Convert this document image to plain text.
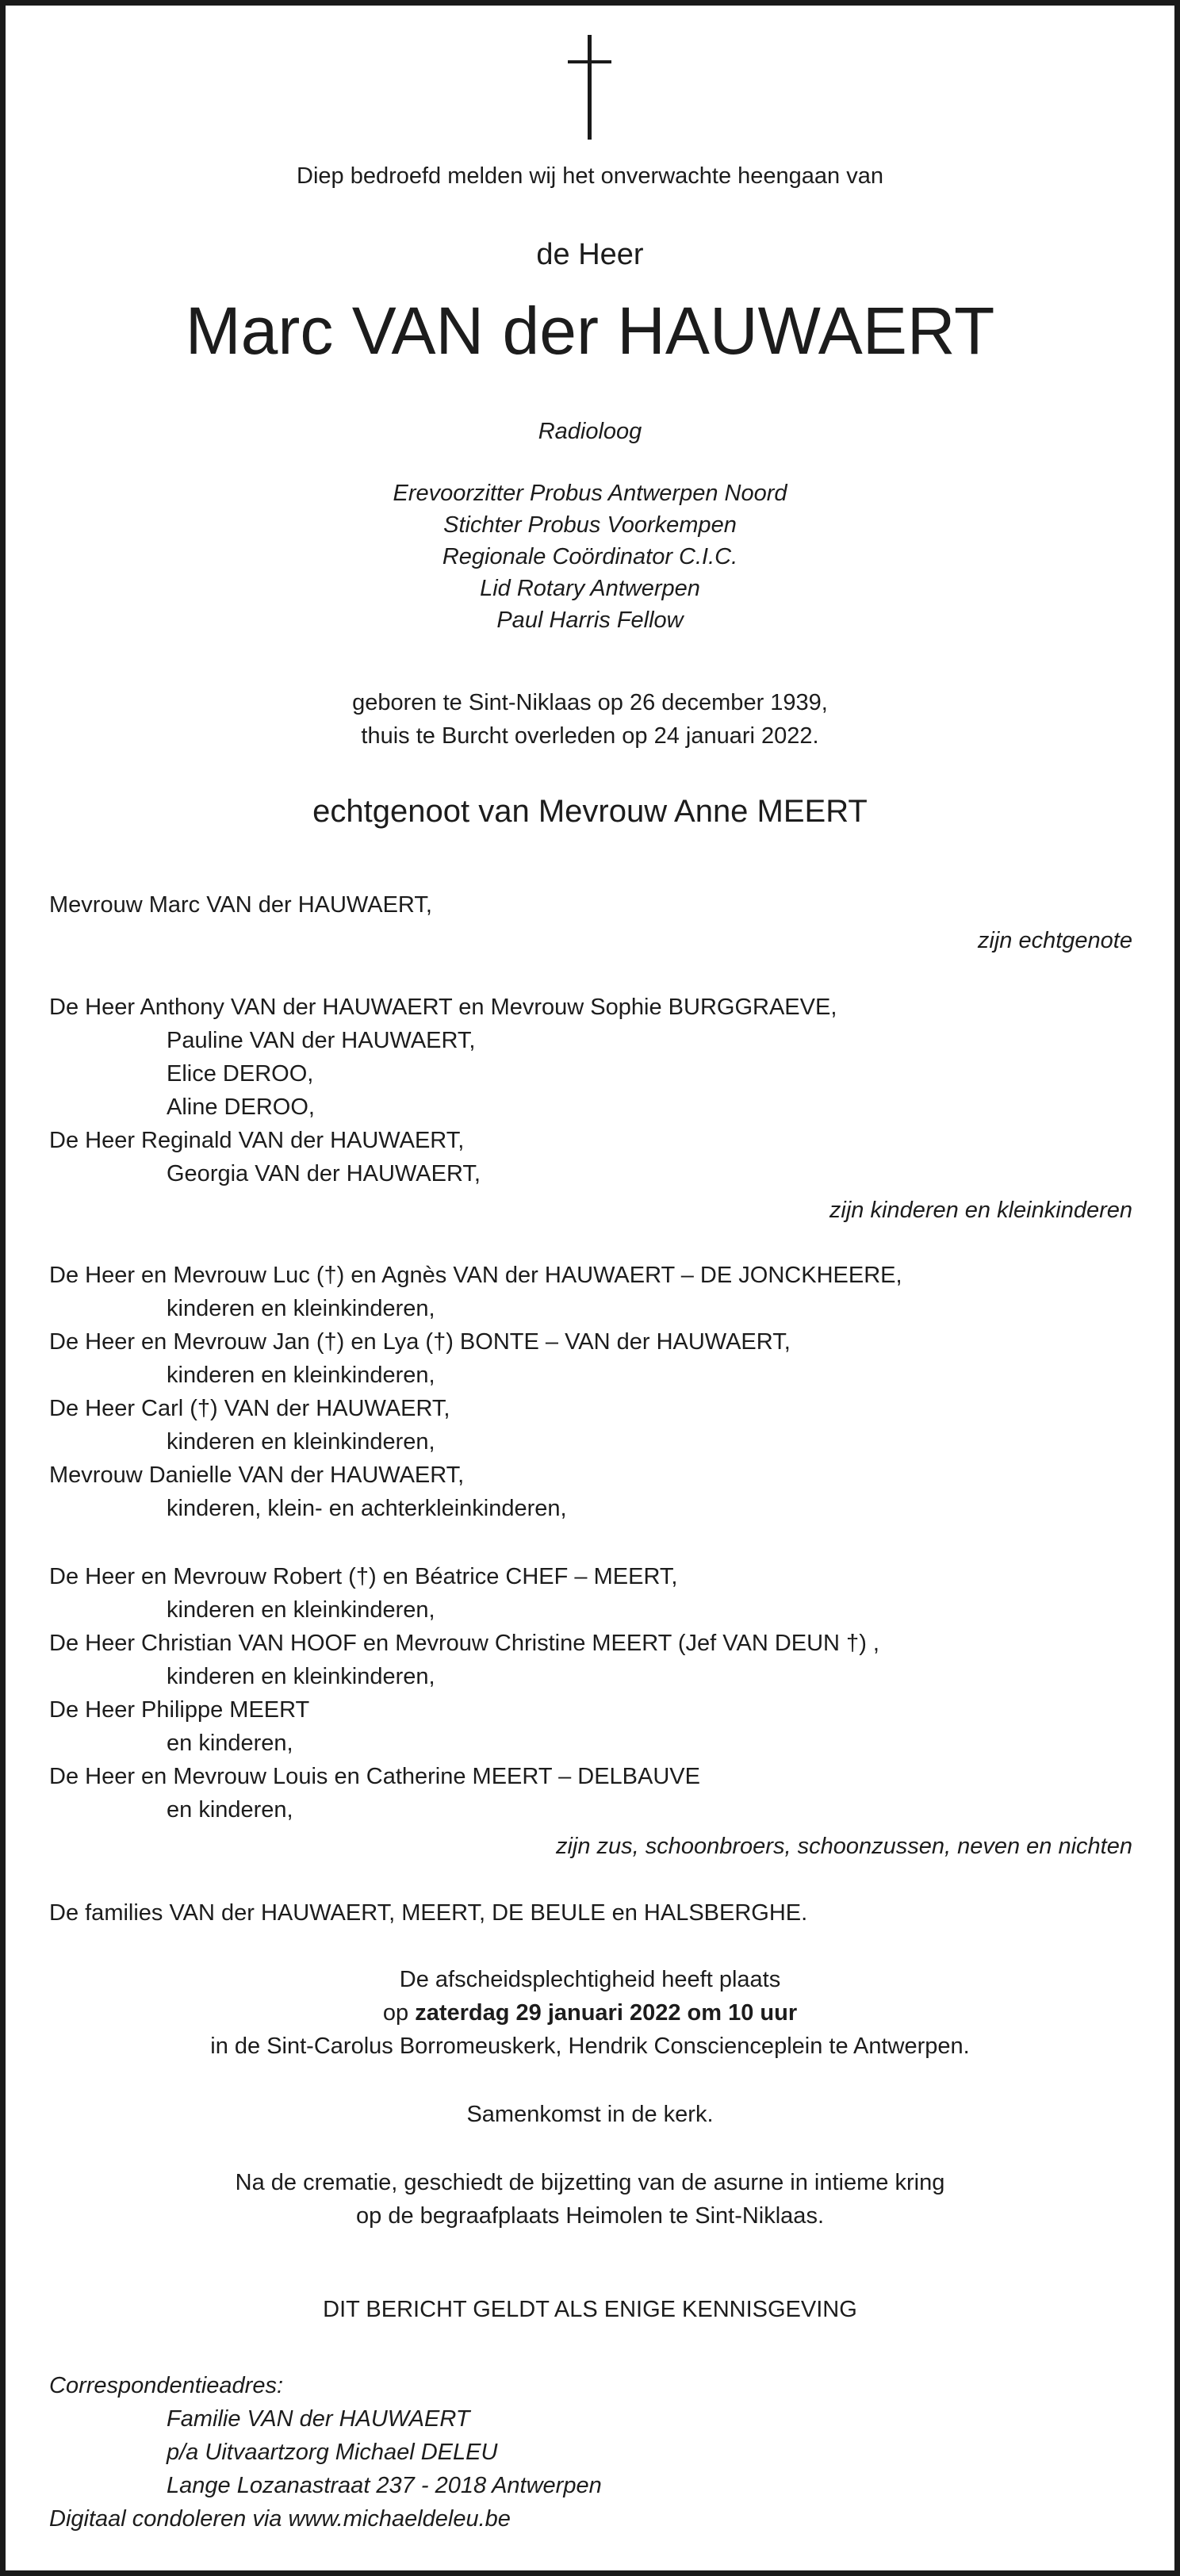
Diep bedroefd melden wij het onverwachte heengaan van
de Heer
Marc VAN der HAUWAERT
Radioloog
Erevoorzitter Probus Antwerpen Noord
Stichter Probus Voorkempen
Regionale Coördinator C.I.C.
Lid Rotary Antwerpen
Paul Harris Fellow
geboren te Sint-Niklaas op 26 december 1939,
thuis te Burcht overleden op 24 januari 2022.
echtgenoot van Mevrouw Anne MEERT
Mevrouw Marc VAN der HAUWAERT,
zijn echtgenote
De Heer Anthony VAN der HAUWAERT en Mevrouw Sophie BURGGRAEVE,
Pauline VAN der HAUWAERT,
Elice DEROO,
Aline DEROO,
De Heer Reginald VAN der HAUWAERT,
Georgia VAN der HAUWAERT,
zijn kinderen en kleinkinderen
De Heer en Mevrouw Luc (†) en Agnès VAN der HAUWAERT – DE JONCKHEERE,
kinderen en kleinkinderen,
De Heer en Mevrouw Jan (†) en Lya (†) BONTE – VAN der HAUWAERT,
kinderen en kleinkinderen,
De Heer Carl (†) VAN der HAUWAERT,
kinderen en kleinkinderen,
Mevrouw Danielle VAN der HAUWAERT,
kinderen, klein- en achterkleinkinderen,
De Heer en Mevrouw Robert (†) en Béatrice CHEF – MEERT,
kinderen en kleinkinderen,
De Heer Christian VAN HOOF en Mevrouw Christine MEERT (Jef VAN DEUN †) ,
kinderen en kleinkinderen,
De Heer Philippe MEERT
en kinderen,
De Heer en Mevrouw Louis en Catherine MEERT – DELBAUVE
en kinderen,
zijn zus, schoonbroers, schoonzussen, neven en nichten
De families VAN der HAUWAERT, MEERT, DE BEULE en HALSBERGHE.
De afscheidsplechtigheid heeft plaats
op zaterdag 29 januari 2022 om 10 uur
in de Sint-Carolus Borromeuskerk, Hendrik Conscienceplein te Antwerpen.
Samenkomst in de kerk.
Na de crematie, geschiedt de bijzetting van de asurne in intieme kring
op de begraafplaats Heimolen te Sint-Niklaas.
DIT BERICHT GELDT ALS ENIGE KENNISGEVING
Correspondentieadres:
Familie VAN der HAUWAERT
p/a Uitvaartzorg Michael DELEU
Lange Lozanastraat 237 - 2018 Antwerpen
Digitaal condoleren via www.michaeldeleu.be
